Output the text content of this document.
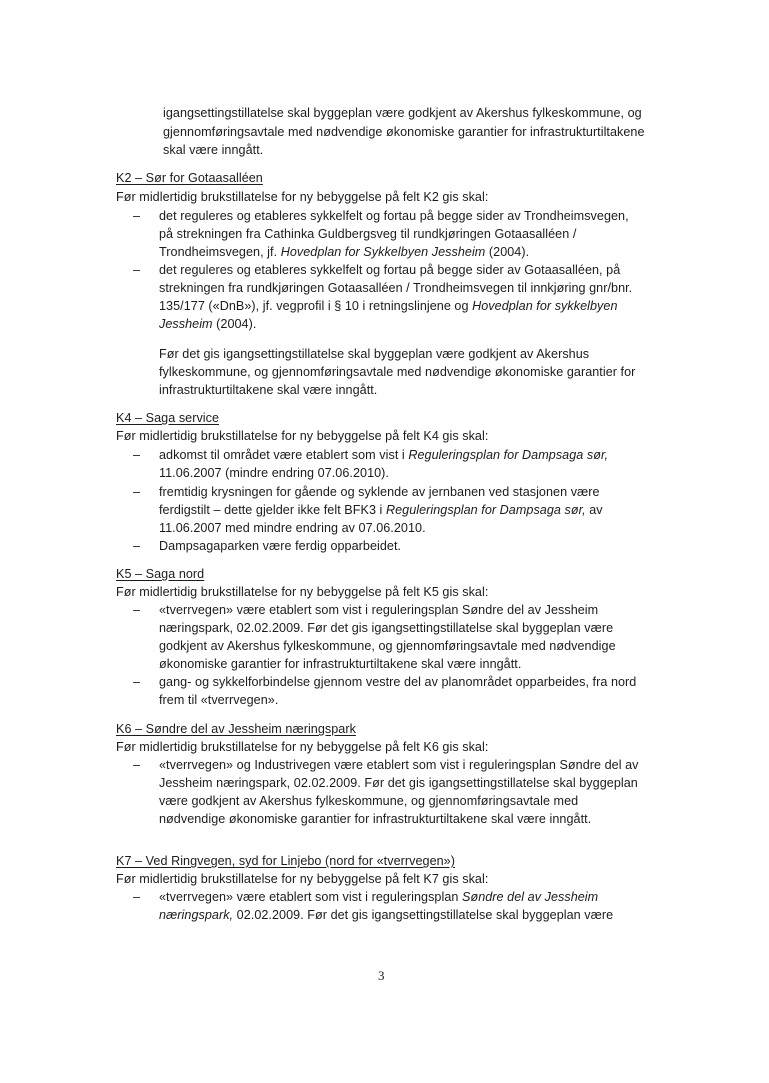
igangsettingstillatelse skal byggeplan være godkjent av Akershus fylkeskommune, og
gjennomføringsavtale med nødvendige økonomiske garantier for infrastrukturtiltakene
skal være inngått.
K2 – Sør for Gotaasalléen
Før midlertidig brukstillatelse for ny bebyggelse på felt K2 gis skal:
– det reguleres og etableres sykkelfelt og fortau på begge sider av Trondheimsvegen,
på strekningen fra Cathinka Guldbergsveg til rundkjøringen Gotaasalléen /
Trondheimsvegen, jf. Hovedplan for Sykkelbyen Jessheim (2004).
– det reguleres og etableres sykkelfelt og fortau på begge sider av Gotaasalléen, på
strekningen fra rundkjøringen Gotaasalléen / Trondheimsvegen til innkjøring gnr/bnr.
135/177 («DnB»), jf. vegprofil i § 10 i retningslinjene og Hovedplan for sykkelbyen
Jessheim (2004).
Før det gis igangsettingstillatelse skal byggeplan være godkjent av Akershus
fylkeskommune, og gjennomføringsavtale med nødvendige økonomiske garantier for
infrastrukturtiltakene skal være inngått.
K4 – Saga service
Før midlertidig brukstillatelse for ny bebyggelse på felt K4 gis skal:
– adkomst til området være etablert som vist i Reguleringsplan for Dampsaga sør,
11.06.2007 (mindre endring 07.06.2010).
– fremtidig krysningen for gående og syklende av jernbanen ved stasjonen være
ferdigstilt – dette gjelder ikke felt BFK3 i Reguleringsplan for Dampsaga sør, av
11.06.2007 med mindre endring av 07.06.2010.
– Dampsagaparken være ferdig opparbeidet.
K5 – Saga nord
Før midlertidig brukstillatelse for ny bebyggelse på felt K5 gis skal:
– «tverrvegen» være etablert som vist i reguleringsplan Søndre del av Jessheim
næringspark, 02.02.2009. Før det gis igangsettingstillatelse skal byggeplan være
godkjent av Akershus fylkeskommune, og gjennomføringsavtale med nødvendige
økonomiske garantier for infrastrukturtiltakene skal være inngått.
– gang- og sykkelforbindelse gjennom vestre del av planområdet opparbeides, fra nord
frem til «tverrvegen».
K6 – Søndre del av Jessheim næringspark
Før midlertidig brukstillatelse for ny bebyggelse på felt K6 gis skal:
– «tverrvegen» og Industrivegen være etablert som vist i reguleringsplan Søndre del av
Jessheim næringspark, 02.02.2009. Før det gis igangsettingstillatelse skal byggeplan
være godkjent av Akershus fylkeskommune, og gjennomføringsavtale med
nødvendige økonomiske garantier for infrastrukturtiltakene skal være inngått.
K7 – Ved Ringvegen, syd for Linjebo (nord for «tverrvegen»)
Før midlertidig brukstillatelse for ny bebyggelse på felt K7 gis skal:
– «tverrvegen» være etablert som vist i reguleringsplan Søndre del av Jessheim
næringspark, 02.02.2009. Før det gis igangsettingstillatelse skal byggeplan være
3
